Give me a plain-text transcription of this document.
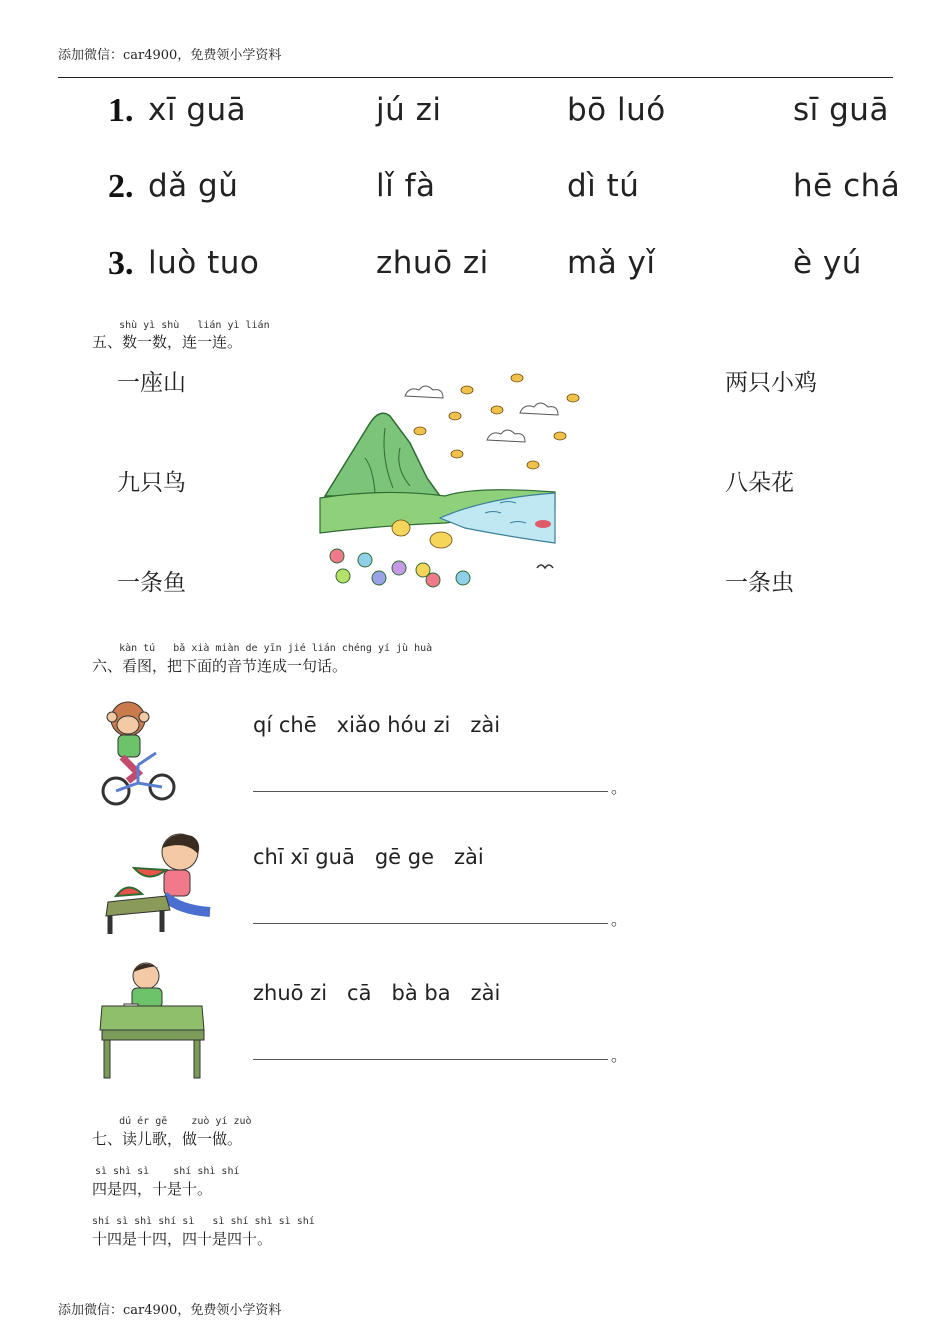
添加微信：car4900，免费领小学资料
1. xī guā	jú zi	bō luó	sī guā
2. dǎ gǔ	lǐ fà	dì tú	hē chá
3. luò tuo	zhuō zi	mǎ yǐ	è yú
shù yì shù   lián yì lián
五、数一数，连一连。
一座山
九只鸟
一条鱼
两只小鸡
八朵花
一条虫
kàn tú   bǎ xià miàn de yīn jié lián chéng yí jù huà
六、看图，把下面的音节连成一句话。
qí chē   xiǎo hóu zi   zài
。
chī xī guā   gē ge   zài
。
zhuō zi   cā   bà ba   zài
。
dú ér gē    zuò yí zuò
七、读儿歌，做一做。
sì shì sì    shí shì shí
四是四，十是十。
shí sì shì shí sì   sì shí shì sì shí
十四是十四，四十是四十。
添加微信：car4900，免费领小学资料
